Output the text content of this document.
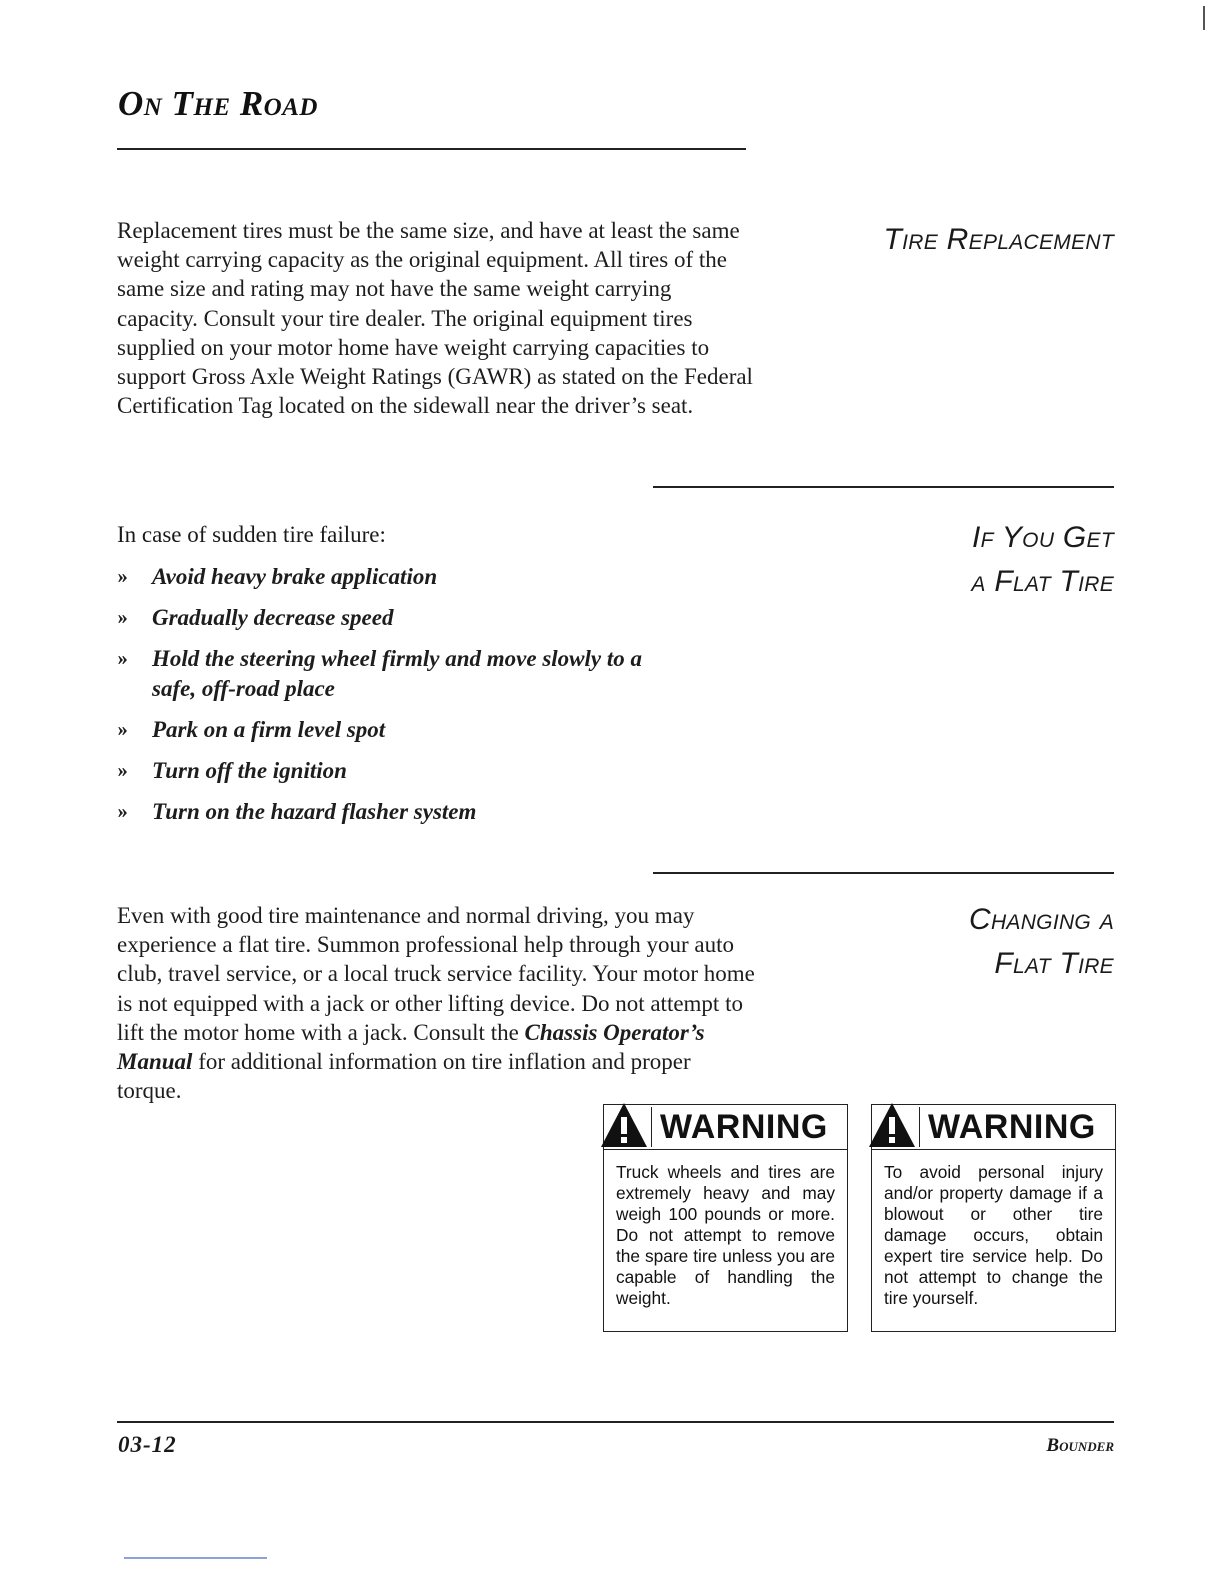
On The Road
Replacement tires must be the same size, and have at least the same weight carrying capacity as the original equipment. All tires of the same size and rating may not have the same weight carrying capacity. Consult your tire dealer. The original equipment tires supplied on your motor home have weight carrying capacities to support Gross Axle Weight Ratings (GAWR) as stated on the Federal Certification Tag located on the sidewall near the driver’s seat.
Tire Replacement
In case of sudden tire failure:
›› Avoid heavy brake application
›› Gradually decrease speed
›› Hold the steering wheel firmly and move slowly to a safe, off-road place
›› Park on a firm level spot
›› Turn off the ignition
›› Turn on the hazard flasher system
If You Get
a Flat Tire
Even with good tire maintenance and normal driving, you may experience a flat tire. Summon professional help through your auto club, travel service, or a local truck service facility. Your motor home is not equipped with a jack or other lifting device. Do not attempt to lift the motor home with a jack. Consult the Chassis Operator’s Manual for additional information on tire inflation and proper torque.
Changing a
Flat Tire
WARNING
Truck wheels and tires are extremely heavy and may weigh 100 pounds or more. Do not attempt to remove the spare tire unless you are capable of handling the weight.
WARNING
To avoid personal injury and/or property damage if a blowout or other tire damage occurs, obtain expert tire service help. Do not attempt to change the tire yourself.
03-12	Bounder
